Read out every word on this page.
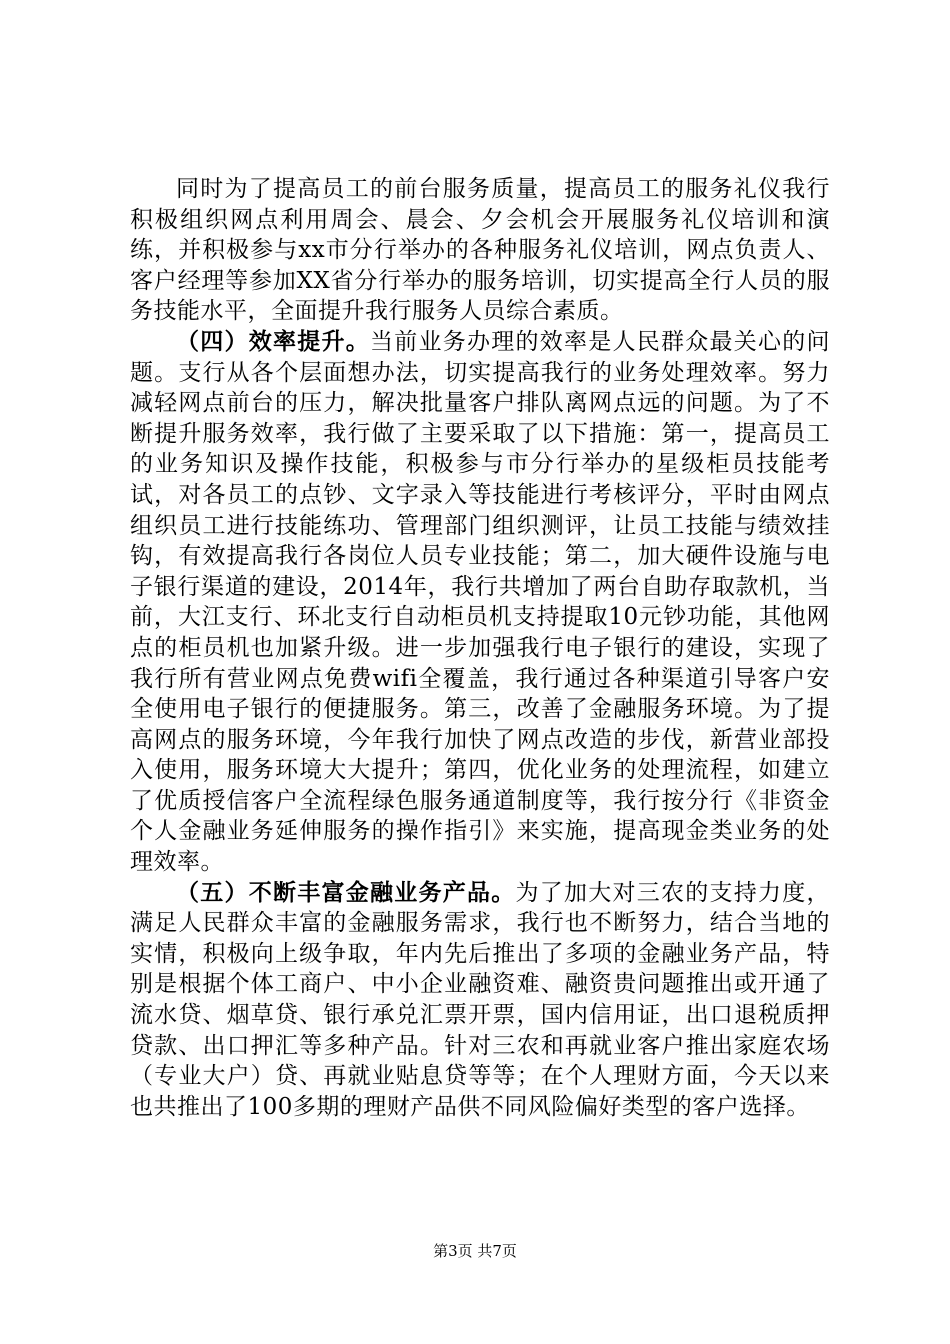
同时为了提高员工的前台服务质量，提高员工的服务礼仪我行积极组织网点利用周会、晨会、夕会机会开展服务礼仪培训和演练，并积极参与xx市分行举办的各种服务礼仪培训，网点负责人、客户经理等参加XX省分行举办的服务培训，切实提高全行人员的服务技能水平，全面提升我行服务人员综合素质。

（四）效率提升。当前业务办理的效率是人民群众最关心的问题。支行从各个层面想办法，切实提高我行的业务处理效率。努力减轻网点前台的压力，解决批量客户排队离网点远的问题。为了不断提升服务效率，我行做了主要采取了以下措施：第一，提高员工的业务知识及操作技能，积极参与市分行举办的星级柜员技能考试，对各员工的点钞、文字录入等技能进行考核评分，平时由网点组织员工进行技能练功、管理部门组织测评，让员工技能与绩效挂钩，有效提高我行各岗位人员专业技能；第二，加大硬件设施与电子银行渠道的建设，2014年，我行共增加了两台自助存取款机，当前，大江支行、环北支行自动柜员机支持提取10元钞功能，其他网点的柜员机也加紧升级。进一步加强我行电子银行的建设，实现了我行所有营业网点免费wifi全覆盖，我行通过各种渠道引导客户安全使用电子银行的便捷服务。第三，改善了金融服务环境。为了提高网点的服务环境，今年我行加快了网点改造的步伐，新营业部投入使用，服务环境大大提升；第四，优化业务的处理流程，如建立了优质授信客户全流程绿色服务通道制度等，我行按分行《非资金个人金融业务延伸服务的操作指引》来实施，提高现金类业务的处理效率。

（五）不断丰富金融业务产品。为了加大对三农的支持力度，满足人民群众丰富的金融服务需求，我行也不断努力，结合当地的实情，积极向上级争取，年内先后推出了多项的金融业务产品，特别是根据个体工商户、中小企业融资难、融资贵问题推出或开通了流水贷、烟草贷、银行承兑汇票开票，国内信用证，出口退税质押贷款、出口押汇等多种产品。针对三农和再就业客户推出家庭农场（专业大户）贷、再就业贴息贷等等；在个人理财方面，今天以来也共推出了100多期的理财产品供不同风险偏好类型的客户选择。

第3页 共7页
